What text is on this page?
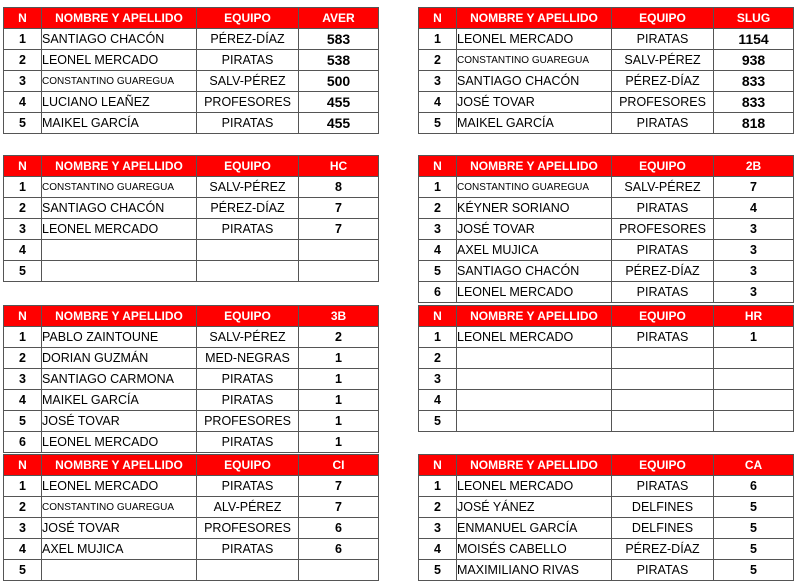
N	NOMBRE Y APELLIDO	EQUIPO	AVER
1	SANTIAGO CHACÓN	PÉREZ-DÍAZ	583
2	LEONEL MERCADO	PIRATAS	538
3	CONSTANTINO GUAREGUA	SALV-PÉREZ	500
4	LUCIANO LEAÑEZ	PROFESORES	455
5	MAIKEL GARCÍA	PIRATAS	455
N	NOMBRE Y APELLIDO	EQUIPO	SLUG
1	LEONEL MERCADO	PIRATAS	1154
2	CONSTANTINO GUAREGUA	SALV-PÉREZ	938
3	SANTIAGO CHACÓN	PÉREZ-DÍAZ	833
4	JOSÉ TOVAR	PROFESORES	833
5	MAIKEL GARCÍA	PIRATAS	818
N	NOMBRE Y APELLIDO	EQUIPO	HC
1	CONSTANTINO GUAREGUA	SALV-PÉREZ	8
2	SANTIAGO CHACÓN	PÉREZ-DÍAZ	7
3	LEONEL MERCADO	PIRATAS	7
4			
5			
N	NOMBRE Y APELLIDO	EQUIPO	2B
1	CONSTANTINO GUAREGUA	SALV-PÉREZ	7
2	KÉYNER SORIANO	PIRATAS	4
3	JOSÉ TOVAR	PROFESORES	3
4	AXEL MUJICA	PIRATAS	3
5	SANTIAGO CHACÓN	PÉREZ-DÍAZ	3
6	LEONEL MERCADO	PIRATAS	3
N	NOMBRE Y APELLIDO	EQUIPO	3B
1	PABLO ZAINTOUNE	SALV-PÉREZ	2
2	DORIAN GUZMÁN	MED-NEGRAS	1
3	SANTIAGO CARMONA	PIRATAS	1
4	MAIKEL GARCÍA	PIRATAS	1
5	JOSÉ TOVAR	PROFESORES	1
6	LEONEL MERCADO	PIRATAS	1
N	NOMBRE Y APELLIDO	EQUIPO	HR
1	LEONEL MERCADO	PIRATAS	1
2			
3			
4			
5			
N	NOMBRE Y APELLIDO	EQUIPO	CI
1	LEONEL MERCADO	PIRATAS	7
2	CONSTANTINO GUAREGUA	ALV-PÉREZ	7
3	JOSÉ TOVAR	PROFESORES	6
4	AXEL MUJICA	PIRATAS	6
5			
N	NOMBRE Y APELLIDO	EQUIPO	CA
1	LEONEL MERCADO	PIRATAS	6
2	JOSÉ YÁNEZ	DELFINES	5
3	ENMANUEL GARCÍA	DELFINES	5
4	MOISÉS CABELLO	PÉREZ-DÍAZ	5
5	MAXIMILIANO RIVAS	PIRATAS	5
